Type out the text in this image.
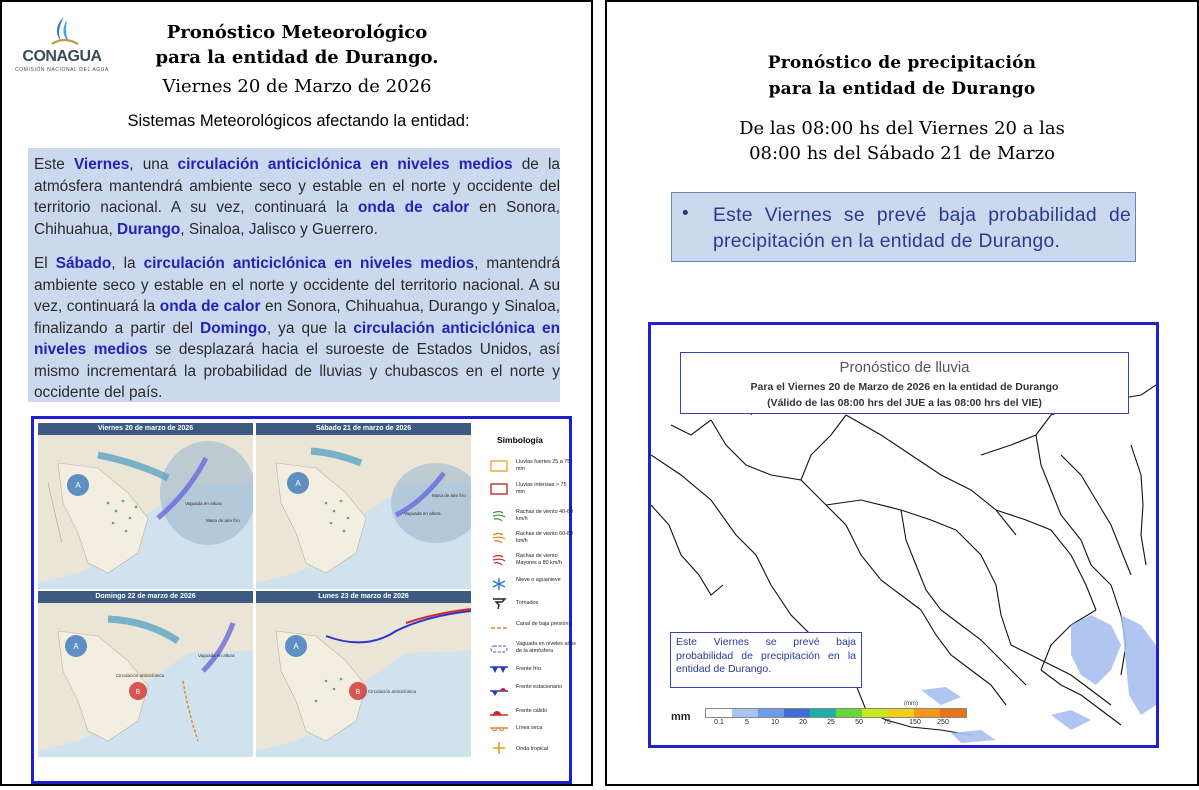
CONAGUA
COMISIÓN NACIONAL DEL AGUA
Pronóstico Meteorológico
para la entidad de Durango.
Viernes 20 de Marzo de 2026
Sistemas Meteorológicos afectando la entidad:
Este Viernes, una circulación anticiclónica en niveles medios de la atmósfera mantendrá ambiente seco y estable en el norte y occidente del territorio nacional. A su vez, continuará la onda de calor en Sonora, Chihuahua, Durango, Sinaloa, Jalisco y Guerrero.
El Sábado, la circulación anticiclónica en niveles medios, mantendrá ambiente seco y estable en el norte y occidente del territorio nacional. A su vez, continuará la onda de calor en Sonora, Chihuahua, Durango y Sinaloa, finalizando a partir del Domingo, ya que la circulación anticiclónica en niveles medios se desplazará hacia el suroeste de Estados Unidos, así mismo incrementará la probabilidad de lluvias y chubascos en el norte y occidente del país.
A
Viernes 20 de marzo de 2026
Vaguada en altura
Masa de aire frío
A
Sábado 21 de marzo de 2026
Vaguada en altura
Masa de aire frío
A
B
Domingo 22 de marzo de 2026
Vaguada en altura
Circulación anticiclónica
A
B
Lunes 23 de marzo de 2026
Circulación anticiclónica
Simbología
Lluvias fuertes 25 a 75 mm
Lluvias intensas > 75 mm
Rachas de viento 40-60 km/h
Rachas de viento 60-80 km/h
Rachas de viento Mayores a 80 km/h
Nieve o aguanieve
Tornados
Canal de baja presión
Vaguada en niveles altos de la atmósfera
Frente frío
Frente estacionario
Frente cálido
Línea seca
Onda tropical
Pronóstico de precipitación
para la entidad de Durango
De las 08:00 hs del Viernes 20 a las
08:00 hs del Sábado 21 de Marzo
• Este Viernes se prevé baja probabilidad de precipitación en la entidad de Durango.
Pronóstico de lluvia
Para el Viernes 20 de Marzo de 2026 en la entidad de Durango
(Válido de las 08:00 hrs del JUE a las 08:00 hrs del VIE)
Este Viernes se prevé baja probabilidad de precipitación en la entidad de Durango.
mm
(mm)
0.1	5	10	20	25	50	75	150	250
